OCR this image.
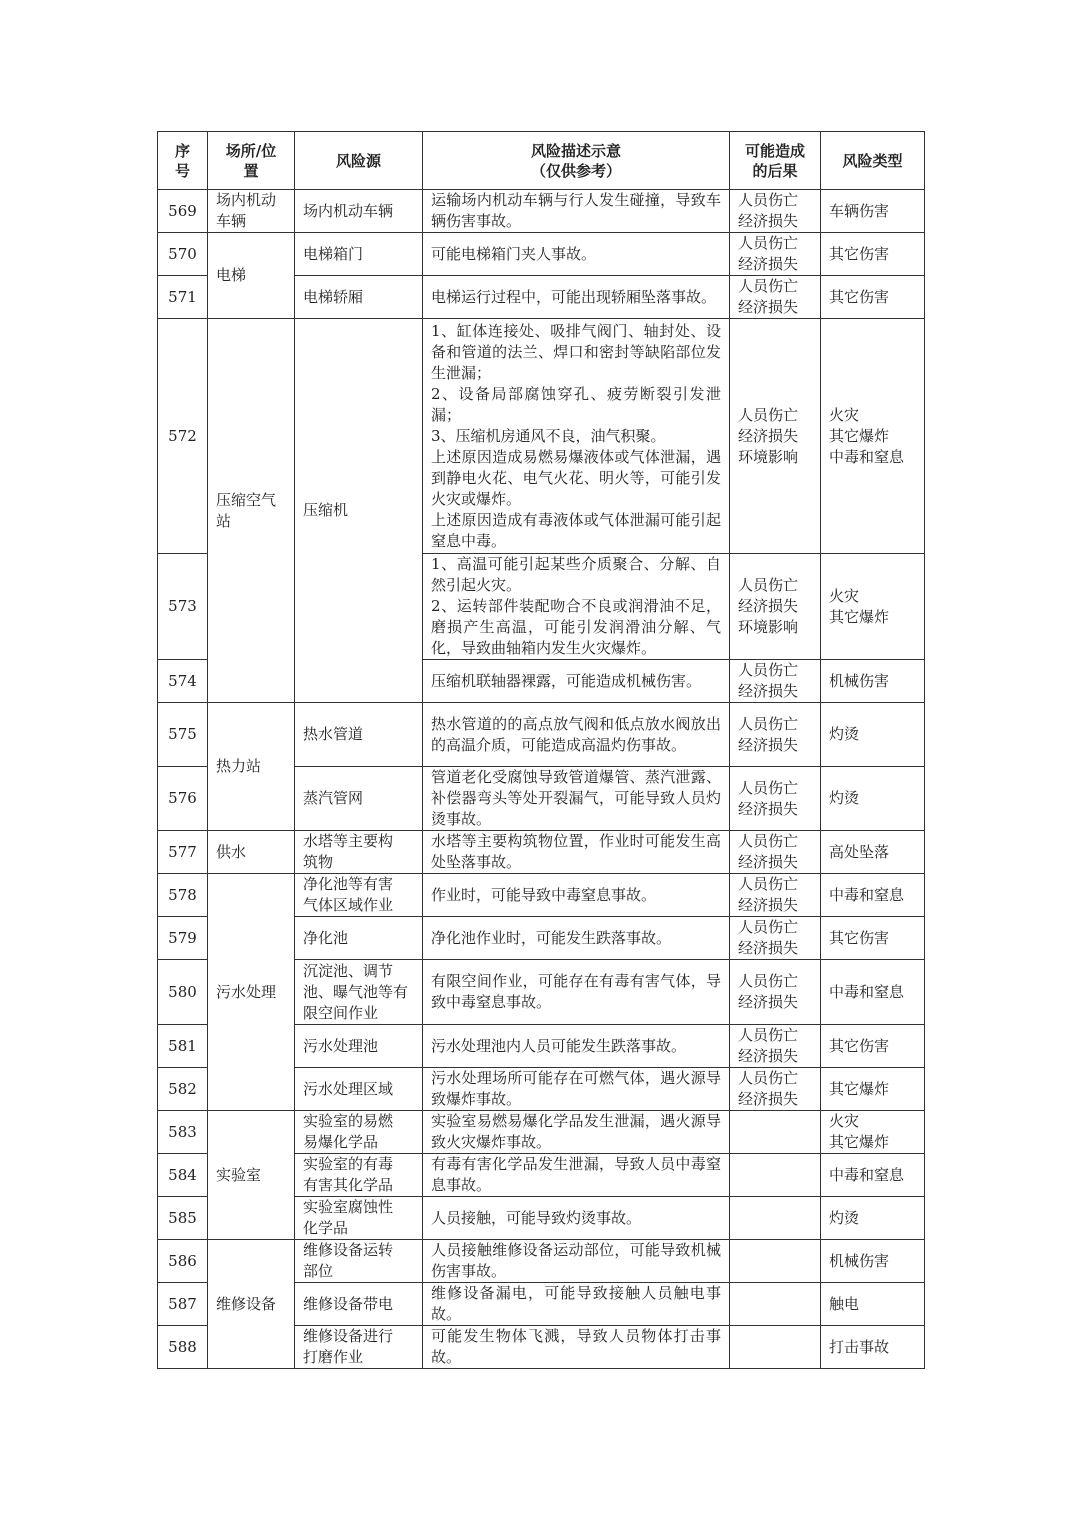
序
号	场所/位
置	风险源	风险描述示意
（仅供参考）	可能造成
的后果	风险类型
569	场内机动
车辆	场内机动车辆	运输场内机动车辆与行人发生碰撞，导致车辆伤害事故。	人员伤亡
经济损失	车辆伤害
570	电梯	电梯箱门	可能电梯箱门夹人事故。	人员伤亡
经济损失	其它伤害
571		电梯轿厢	电梯运行过程中，可能出现轿厢坠落事故。	人员伤亡
经济损失	其它伤害
572	压缩空气
站	压缩机	1、缸体连接处、吸排气阀门、轴封处、设备和管道的法兰、焊口和密封等缺陷部位发生泄漏；
2、设备局部腐蚀穿孔、疲劳断裂引发泄漏；
3、压缩机房通风不良，油气积聚。
上述原因造成易燃易爆液体或气体泄漏，遇到静电火花、电气火花、明火等，可能引发火灾或爆炸。
上述原因造成有毒液体或气体泄漏可能引起窒息中毒。	人员伤亡
经济损失
环境影响	火灾
其它爆炸
中毒和窒息
573			1、高温可能引起某些介质聚合、分解、自然引起火灾。
2、运转部件装配吻合不良或润滑油不足，磨损产生高温，可能引发润滑油分解、气化，导致曲轴箱内发生火灾爆炸。	人员伤亡
经济损失
环境影响	火灾
其它爆炸
574			压缩机联轴器裸露，可能造成机械伤害。	人员伤亡
经济损失	机械伤害
575	热力站	热水管道	热水管道的的高点放气阀和低点放水阀放出的高温介质，可能造成高温灼伤事故。	人员伤亡
经济损失	灼烫
576		蒸汽管网	管道老化受腐蚀导致管道爆管、蒸汽泄露、补偿器弯头等处开裂漏气，可能导致人员灼烫事故。	人员伤亡
经济损失	灼烫
577	供水	水塔等主要构
筑物	水塔等主要构筑物位置，作业时可能发生高处坠落事故。	人员伤亡
经济损失	高处坠落
578	污水处理	净化池等有害
气体区域作业	作业时，可能导致中毒窒息事故。	人员伤亡
经济损失	中毒和窒息
579		净化池	净化池作业时，可能发生跌落事故。	人员伤亡
经济损失	其它伤害
580		沉淀池、调节
池、曝气池等有
限空间作业	有限空间作业，可能存在有毒有害气体，导致中毒窒息事故。	人员伤亡
经济损失	中毒和窒息
581		污水处理池	污水处理池内人员可能发生跌落事故。	人员伤亡
经济损失	其它伤害
582		污水处理区域	污水处理场所可能存在可燃气体，遇火源导致爆炸事故。	人员伤亡
经济损失	其它爆炸
583	实验室	实验室的易燃
易爆化学品	实验室易燃易爆化学品发生泄漏，遇火源导致火灾爆炸事故。		火灾
其它爆炸
584		实验室的有毒
有害其化学品	有毒有害化学品发生泄漏，导致人员中毒窒息事故。		中毒和窒息
585		实验室腐蚀性
化学品	人员接触，可能导致灼烫事故。		灼烫
586	维修设备	维修设备运转
部位	人员接触维修设备运动部位，可能导致机械伤害事故。		机械伤害
587		维修设备带电	维修设备漏电，可能导致接触人员触电事故。		触电
588		维修设备进行
打磨作业	可能发生物体飞溅，导致人员物体打击事故。		打击事故
